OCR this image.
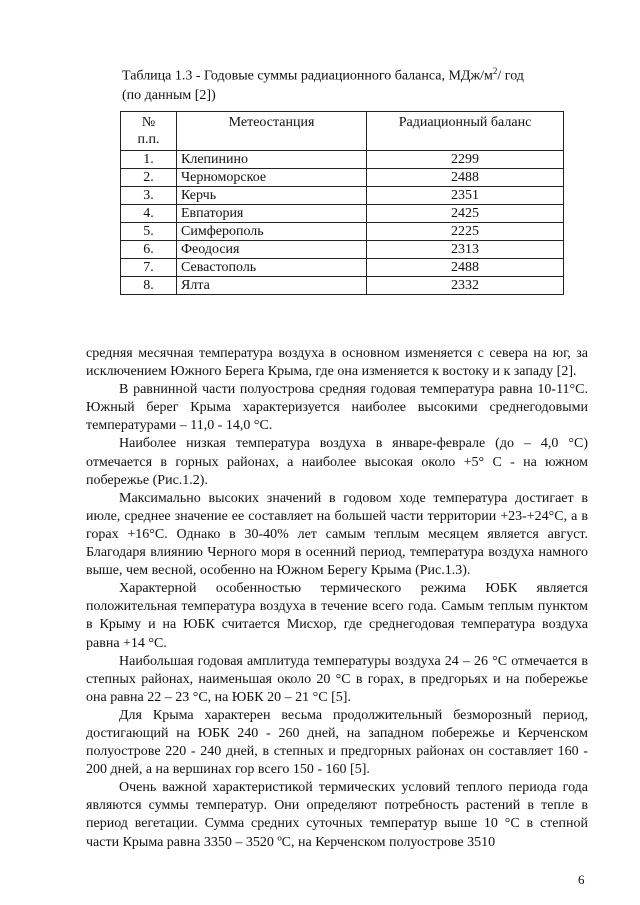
Таблица 1.3 - Годовые суммы радиационного баланса, МДж/$м^2/$ год
(по данным [2])
№
п.п.	Метеостанция	Радиационный баланс
1.	Клепинино	2299
2.	Черноморское	2488
3.	Керчь	2351
4.	Евпатория	2425
5.	Симферополь	2225
6.	Феодосия	2313
7.	Севастополь	2488
8.	Ялта	2332

средняя месячная температура воздуха в основном изменяется с севера на юг, за исключением Южного Берега Крыма, где она изменяется к востоку и к западу [2].

В равнинной части полуострова средняя годовая температура равна 10-11°С. Южный берег Крыма характеризуется наиболее высокими среднегодовыми температурами – 11,0 - 14,0 °С.

Наиболее низкая температура воздуха в январе-феврале (до – 4,0 °С) отмечается в горных районах, а наиболее высокая около +5° С - на южном побережье (Рис.1.2).

Максимально высоких значений в годовом ходе температура достигает в июле, среднее значение ее составляет на большей части территории +23-+24°С, а в горах +16°С. Однако в 30-40% лет самым теплым месяцем является август. Благодаря влиянию Черного моря в осенний период, температура воздуха намного выше, чем весной, особенно на Южном Берегу Крыма (Рис.1.3).

Характерной особенностью термического режима ЮБК является положительная температура воздуха в течение всего года. Самым теплым пунктом в Крыму и на ЮБК считается Мисхор, где среднегодовая температура воздуха равна +14 °С.

Наибольшая годовая амплитуда температуры воздуха 24 – 26 °С отмечается в степных районах, наименьшая около 20 °С в горах, в предгорьях и на побережье она равна 22 – 23 °С, на ЮБК 20 – 21 °С [5].

Для Крыма характерен весьма продолжительный безморозный период, достигающий на ЮБК 240 - 260 дней, на западном побережье и Керченском полуострове 220 - 240 дней, в степных и предгорных районах он составляет 160 - 200 дней, а на вершинах гор всего 150 - 160 [5].

Очень важной характеристикой термических условий теплого периода года являются суммы температур. Они определяют потребность растений в тепле в период вегетации. Сумма средних суточных температур выше 10 °С в степной части Крыма равна 3350 – 3520 ºС, на Керченском полуострове 3510

6
